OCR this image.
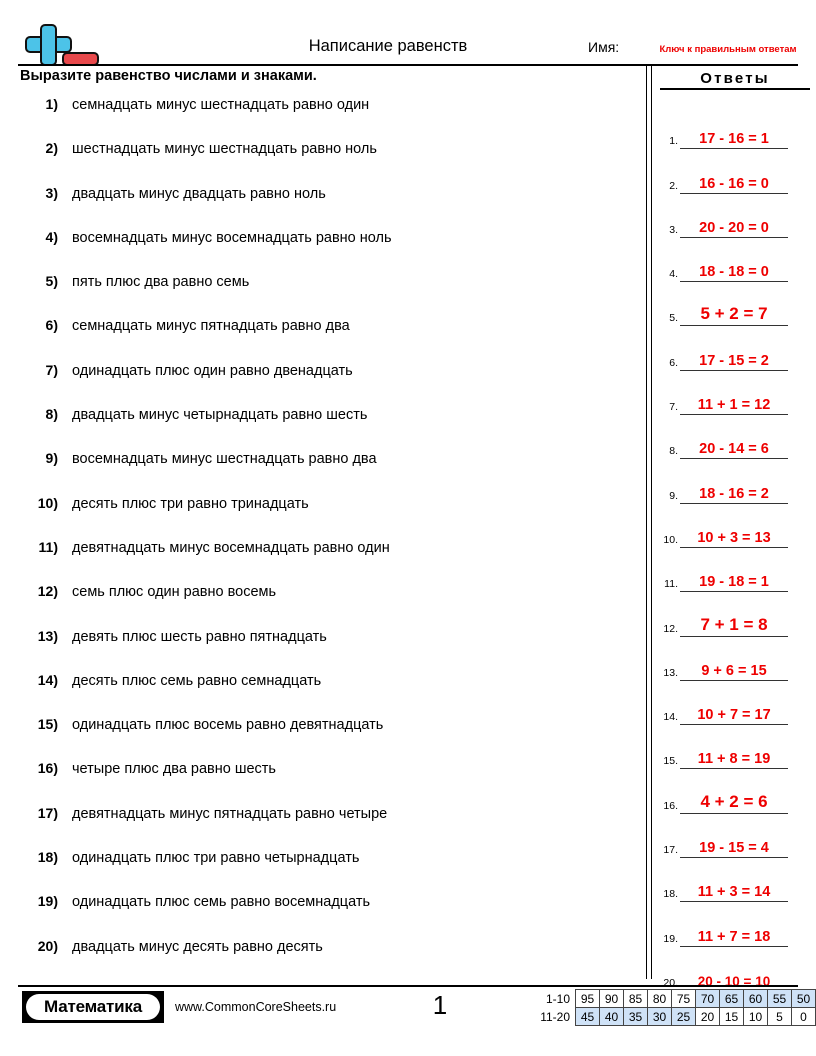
Написание равенств	Имя:	Ключ к правильным ответам
Выразите равенство числами и знаками.
1) семнадцать минус шестнадцать равно один
2) шестнадцать минус шестнадцать равно ноль
3) двадцать минус двадцать равно ноль
4) восемнадцать минус восемнадцать равно ноль
5) пять плюс два равно семь
6) семнадцать минус пятнадцать равно два
7) одинадцать плюс один равно двенадцать
8) двадцать минус четырнадцать равно шесть
9) восемнадцать минус шестнадцать равно два
10) десять плюс три равно тринадцать
11) девятнадцать минус восемнадцать равно один
12) семь плюс один равно восемь
13) девять плюс шесть равно пятнадцать
14) десять плюс семь равно семнадцать
15) одинадцать плюс восемь равно девятнадцать
16) четыре плюс два равно шесть
17) девятнадцать минус пятнадцать равно четыре
18) одинадцать плюс три равно четырнадцать
19) одинадцать плюс семь равно восемнадцать
20) двадцать минус десять равно десять
Ответы
1.	17 - 16 = 1
2.	16 - 16 = 0
3.	20 - 20 = 0
4.	18 - 18 = 0
5.	5 + 2 = 7
6.	17 - 15 = 2
7.	11 + 1 = 12
8.	20 - 14 = 6
9.	18 - 16 = 2
10.	10 + 3 = 13
11.	19 - 18 = 1
12.	7 + 1 = 8
13.	9 + 6 = 15
14.	10 + 7 = 17
15.	11 + 8 = 19
16.	4 + 2 = 6
17.	19 - 15 = 4
18.	11 + 3 = 14
19.	11 + 7 = 18
20.	20 - 10 = 10
Математика	www.CommonCoreSheets.ru	1	1-10	95	90	85	80	75	70	65	60	55	50
11-20	45	40	35	30	25	20	15	10	5	0
